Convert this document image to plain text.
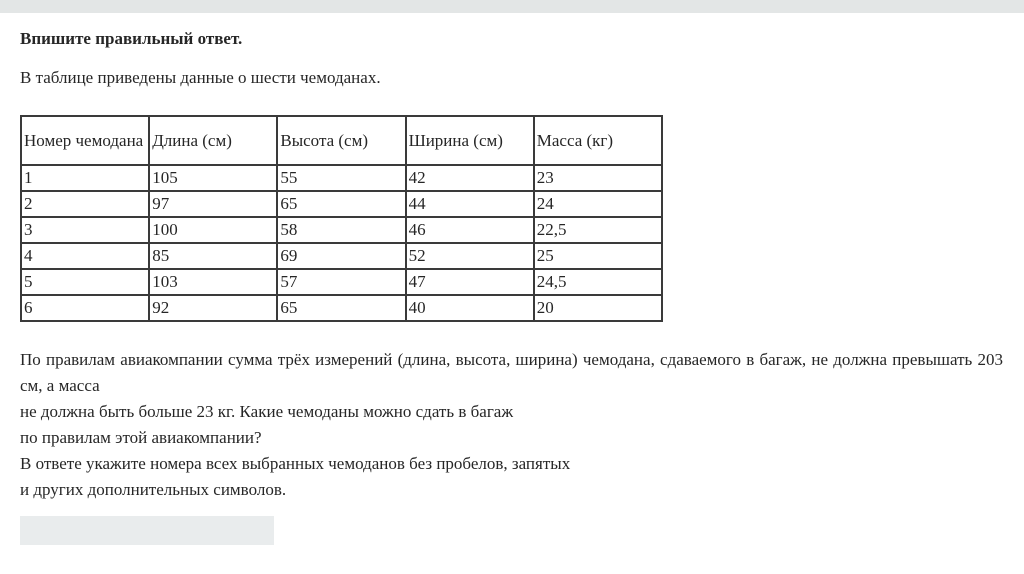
Впишите правильный ответ.
В таблице приведены данные о шести чемоданах.
Номер чемодана	Длина (см)	Высота (см)	Ширина (см)	Масса (кг)
1	105	55	42	23
2	97	65	44	24
3	100	58	46	22,5
4	85	69	52	25
5	103	57	47	24,5
6	92	65	40	20
По правилам авиакомпании сумма трёх измерений (длина, высота, ширина) чемодана, сдаваемого в багаж, не должна превышать 203 см, а масса
не должна быть больше 23 кг. Какие чемоданы можно сдать в багаж
по правилам этой авиакомпании?
В ответе укажите номера всех выбранных чемоданов без пробелов, запятых
и других дополнительных символов.
